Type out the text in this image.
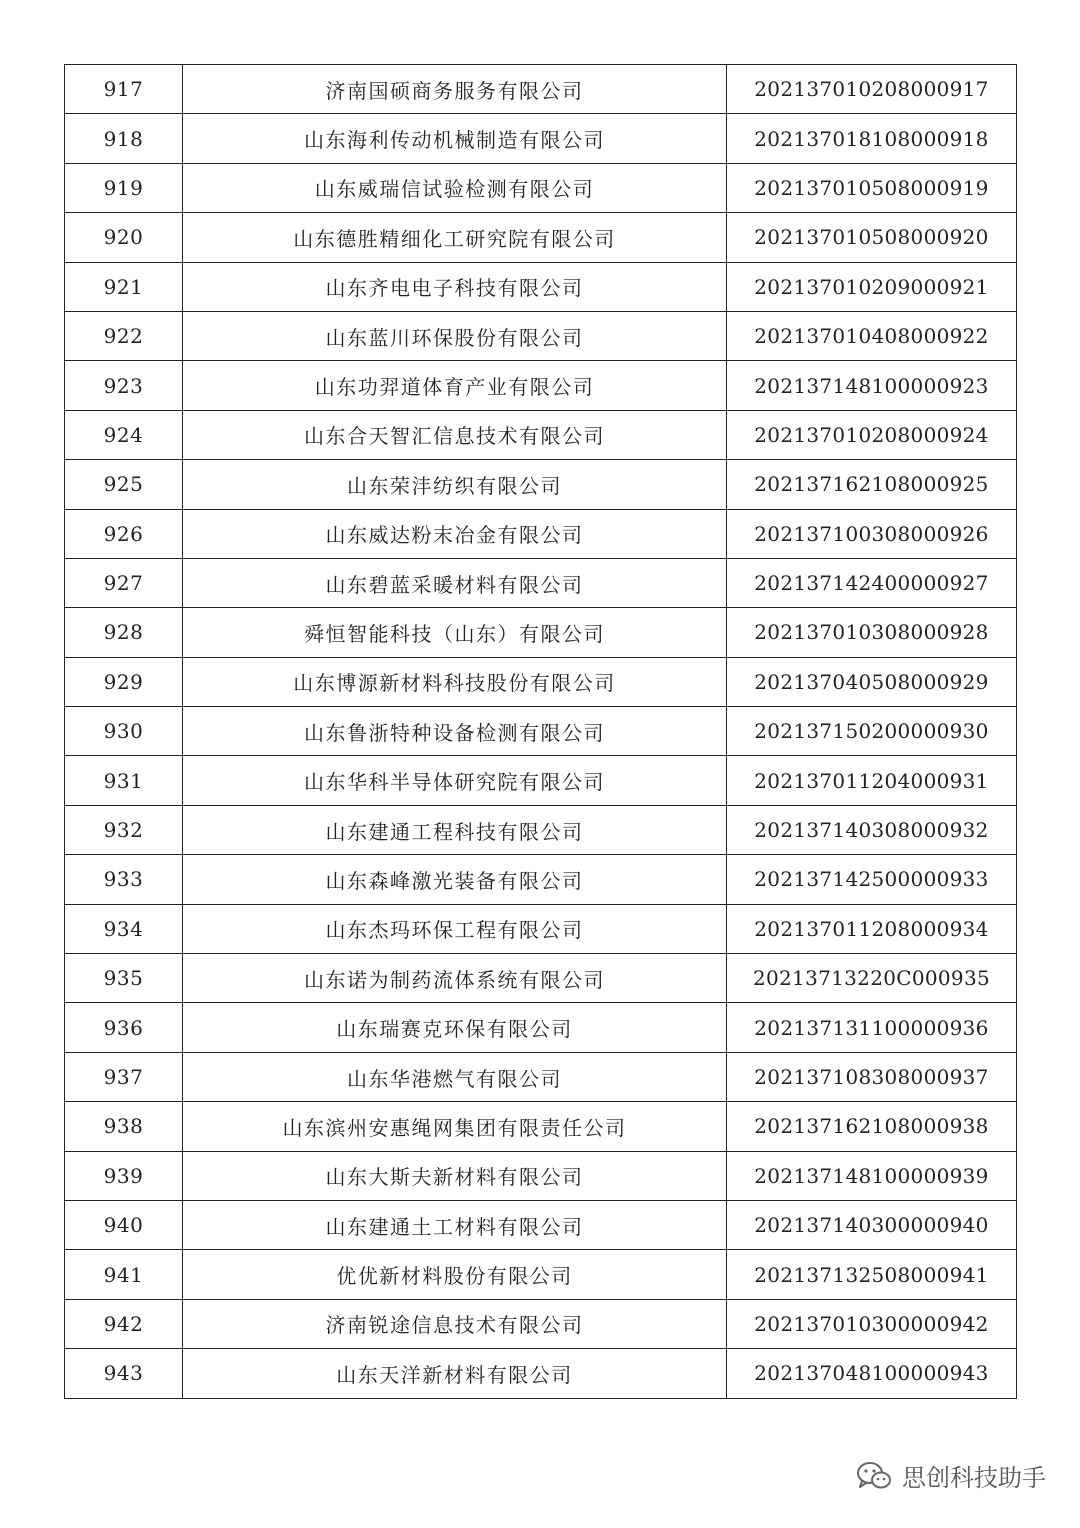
917	济南国硕商务服务有限公司	202137010208000917
918	山东海利传动机械制造有限公司	202137018108000918
919	山东威瑞信试验检测有限公司	202137010508000919
920	山东德胜精细化工研究院有限公司	202137010508000920
921	山东齐电电子科技有限公司	202137010209000921
922	山东蓝川环保股份有限公司	202137010408000922
923	山东功羿道体育产业有限公司	202137148100000923
924	山东合天智汇信息技术有限公司	202137010208000924
925	山东荣沣纺织有限公司	202137162108000925
926	山东威达粉末冶金有限公司	202137100308000926
927	山东碧蓝采暖材料有限公司	202137142400000927
928	舜恒智能科技（山东）有限公司	202137010308000928
929	山东博源新材料科技股份有限公司	202137040508000929
930	山东鲁浙特种设备检测有限公司	202137150200000930
931	山东华科半导体研究院有限公司	202137011204000931
932	山东建通工程科技有限公司	202137140308000932
933	山东森峰激光装备有限公司	202137142500000933
934	山东杰玛环保工程有限公司	202137011208000934
935	山东诺为制药流体系统有限公司	20213713220C000935
936	山东瑞赛克环保有限公司	202137131100000936
937	山东华港燃气有限公司	202137108308000937
938	山东滨州安惠绳网集团有限责任公司	202137162108000938
939	山东大斯夫新材料有限公司	202137148100000939
940	山东建通土工材料有限公司	202137140300000940
941	优优新材料股份有限公司	202137132508000941
942	济南锐途信息技术有限公司	202137010300000942
943	山东天洋新材料有限公司	202137048100000943
思创科技助手
